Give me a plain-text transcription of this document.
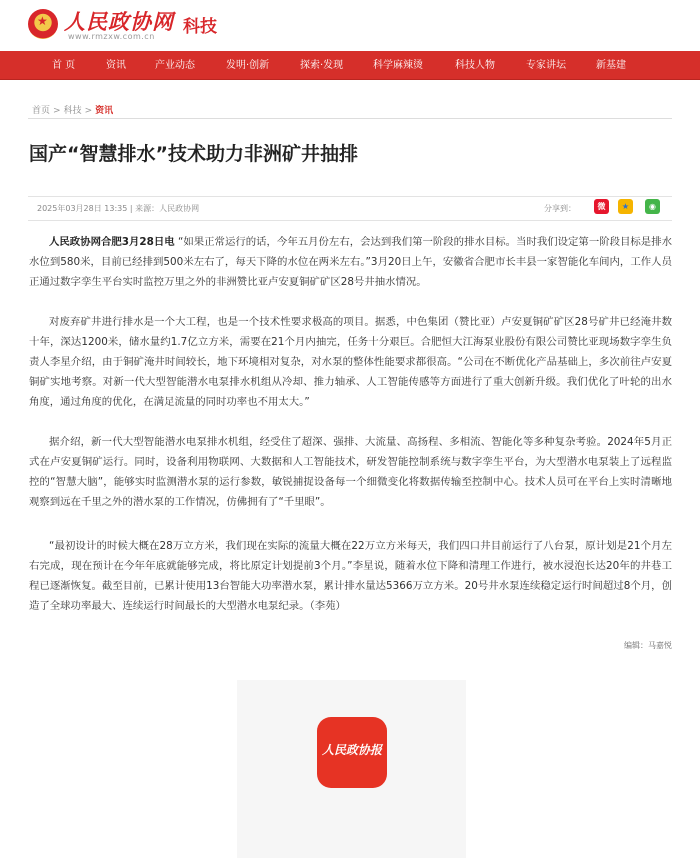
★ 人民政协网
www.rmzxw.com.cn 科技
首 页	资讯	产业动态	发明·创新	探索·发现	科学麻辣烫	科技人物	专家讲坛	新基建
首页 > 科技 > 资讯
国产“智慧排水”技术助力非洲矿井抽排
2025年03月28日 13:35 | 来源：人民政协网	分享到：	微	★	◉

人民政协网合肥3月28日电 “如果正常运行的话，今年五月份左右，会达到我们第一阶段的排水目标。当时我们设定第一阶段目标是排水水位到580米，目前已经排到500米左右了，每天下降的水位在两米左右。”3月20日上午，安徽省合肥市长丰县一家智能化车间内，工作人员正通过数字孪生平台实时监控万里之外的非洲赞比亚卢安夏铜矿矿区28号井抽水情况。

对废弃矿井进行排水是一个大工程，也是一个技术性要求极高的项目。据悉，中色集团（赞比亚）卢安夏铜矿矿区28号矿井已经淹井数十年，深达1200米，储水量约1.7亿立方米，需要在21个月内抽完，任务十分艰巨。合肥恒大江海泵业股份有限公司赞比亚现场数字孪生负责人李星介绍，由于铜矿淹井时间较长，地下环境相对复杂，对水泵的整体性能要求都很高。“公司在不断优化产品基础上，多次前往卢安夏铜矿实地考察。对新一代大型智能潜水电泵排水机组从冷却、推力轴承、人工智能传感等方面进行了重大创新升级。我们优化了叶轮的出水角度，通过角度的优化，在满足流量的同时功率也不用太大。”

据介绍，新一代大型智能潜水电泵排水机组，经受住了超深、强排、大流量、高扬程、多相流、智能化等多种复杂考验。2024年5月正式在卢安夏铜矿运行。同时，设备利用物联网、大数据和人工智能技术，研发智能控制系统与数字孪生平台，为大型潜水电泵装上了远程监控的“智慧大脑”，能够实时监测潜水泵的运行参数，敏锐捕捉设备每一个细微变化将数据传输至控制中心。技术人员可在平台上实时清晰地观察到远在千里之外的潜水泵的工作情况，仿佛拥有了“千里眼”。

“最初设计的时候大概在28万立方米，我们现在实际的流量大概在22万立方米每天，我们四口井目前运行了八台泵，原计划是21个月左右完成，现在预计在今年年底就能够完成，将比原定计划提前3个月。”李星说，随着水位下降和清理工作进行，被水浸泡长达20年的井巷工程已逐渐恢复。截至目前，已累计使用13台智能大功率潜水泵，累计排水量达5366万立方米。20号井水泵连续稳定运行时间超过8个月，创造了全球功率最大、连续运行时间最长的大型潜水电泵纪录。（李苑）

编辑：马嘉悦
人民政协报
